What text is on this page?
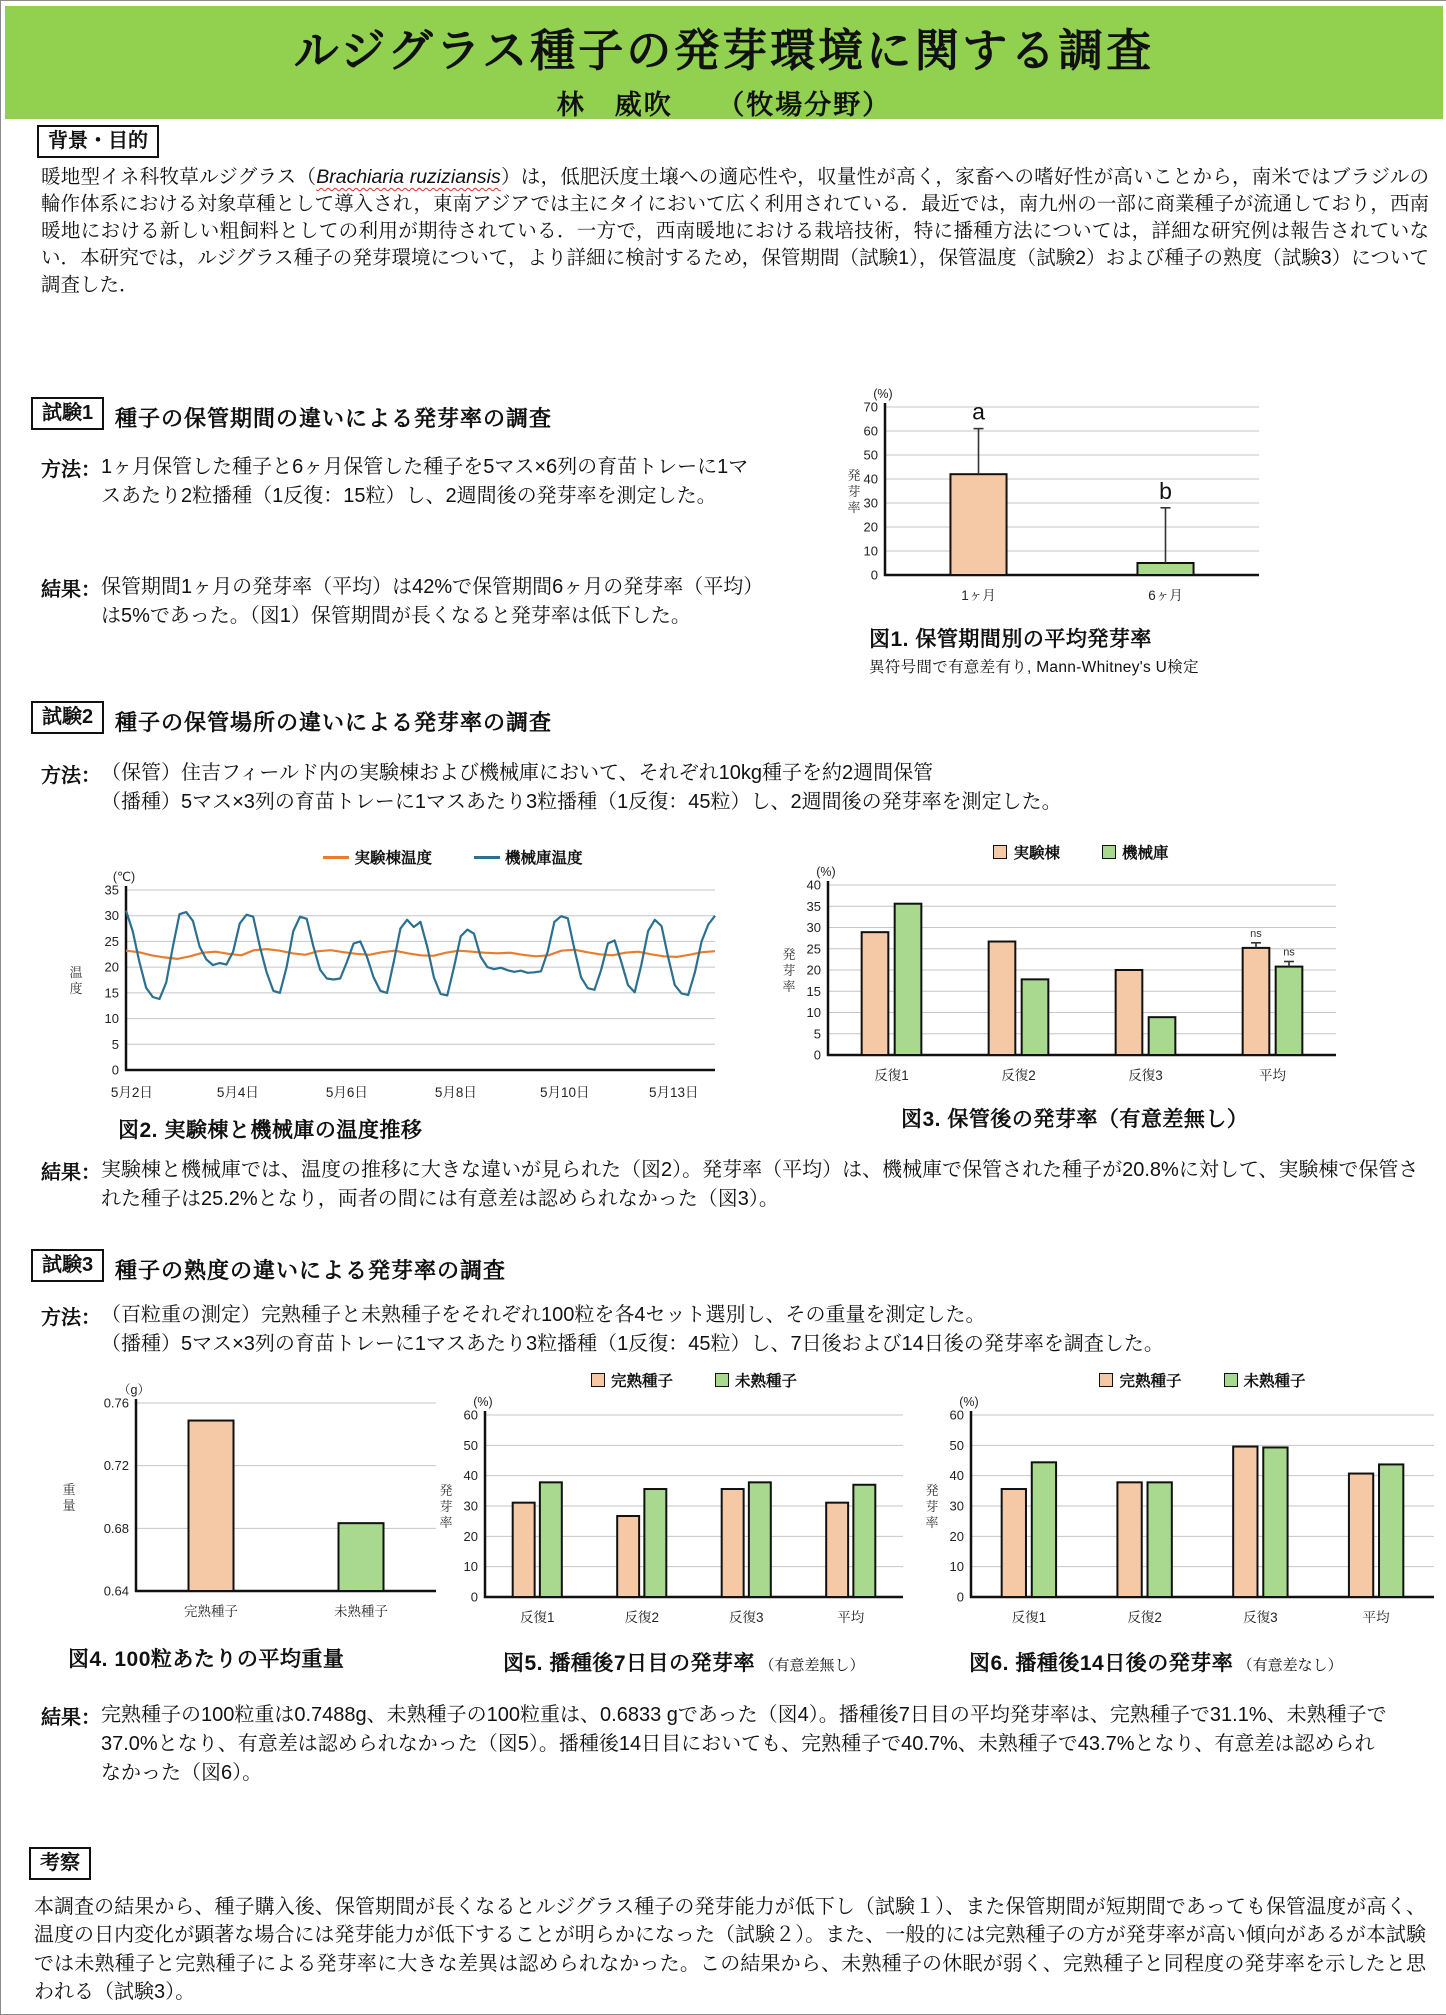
ルジグラス種子の発芽環境に関する調査
林　威吹　　（牧場分野）
背景・目的
暖地型イネ科牧草ルジグラス（Brachiaria ruziziansis）は，低肥沃度土壌への適応性や，収量性が高く，家畜への嗜好性が高いことから，南米ではブラジルの輪作体系における対象草種として導入され，東南アジアでは主にタイにおいて広く利用されている．最近では，南九州の一部に商業種子が流通しており，西南暖地における新しい粗飼料としての利用が期待されている．一方で，西南暖地における栽培技術，特に播種方法については，詳細な研究例は報告されていない．本研究では，ルジグラス種子の発芽環境について，より詳細に検討するため，保管期間（試験1），保管温度（試験2）および種子の熟度（試験3）について調査した．
試験1 種子の保管期間の違いによる発芽率の調査
方法： 1ヶ月保管した種子と6ヶ月保管した種子を5マス×6列の育苗トレーに1マスあたり2粒播種（1反復：15粒）し、2週間後の発芽率を測定した。
結果： 保管期間1ヶ月の発芽率（平均）は42%で保管期間6ヶ月の発芽率（平均）は5%であった。（図1）保管期間が長くなると発芽率は低下した。
0
10
20
30
40
50
60
70
(%)
発
芽
率
1ヶ月
a
6ヶ月
b
図1. 保管期間別の平均発芽率
異符号間で有意差有り, Mann-Whitney's U検定
試験2 種子の保管場所の違いによる発芽率の調査
方法： （保管）住吉フィールド内の実験棟および機械庫において、それぞれ10kg種子を約2週間保管
（播種）5マス×3列の育苗トレーに1マスあたり3粒播種（1反復：45粒）し、2週間後の発芽率を測定した。
実験棟温度	機械庫温度
0
5
10
15
20
25
30
35
(℃)
温
度
5月2日	5月4日	5月6日	5月8日	5月10日	5月13日
図2. 実験棟と機械庫の温度推移
実験棟	機械庫
0
5
10
15
20
25
30
35
40
(%)
発
芽
率
反復1	反復2	反復3	平均
ns
ns
図3. 保管後の発芽率（有意差無し）
結果： 実験棟と機械庫では、温度の推移に大きな違いが見られた（図2）。発芽率（平均）は、機械庫で保管された種子が20.8%に対して、実験棟で保管された種子は25.2%となり，両者の間には有意差は認められなかった（図3）。
試験3 種子の熟度の違いによる発芽率の調査
方法： （百粒重の測定）完熟種子と未熟種子をそれぞれ100粒を各4セット選別し、その重量を測定した。
（播種）5マス×3列の育苗トレーに1マスあたり3粒播種（1反復：45粒）し、7日後および14日後の発芽率を調査した。
0.64
0.68
0.72
0.76
（g）
重
量
完熟種子	未熟種子
図4. 100粒あたりの平均重量
完熟種子	未熟種子
0
10
20
30
40
50
60
(%)
発
芽
率
反復1	反復2	反復3	平均
図5. 播種後7日目の発芽率 （有意差無し）
完熟種子	未熟種子
0
10
20
30
40
50
60
(%)
発
芽
率
反復1	反復2	反復3	平均
図6. 播種後14日後の発芽率 （有意差なし）
結果： 完熟種子の100粒重は0.7488g、未熟種子の100粒重は、0.6833 gであった（図4）。播種後7日目の平均発芽率は、完熟種子で31.1%、未熟種子で37.0%となり、有意差は認められなかった（図5）。播種後14日目においても、完熟種子で40.7%、未熟種子で43.7%となり、有意差は認められなかった（図6）。
考察
本調査の結果から、種子購入後、保管期間が長くなるとルジグラス種子の発芽能力が低下し（試験１）、また保管期間が短期間であっても保管温度が高く、温度の日内変化が顕著な場合には発芽能力が低下することが明らかになった（試験２）。また、一般的には完熟種子の方が発芽率が高い傾向があるが本試験では未熟種子と完熟種子による発芽率に大きな差異は認められなかった。この結果から、未熟種子の休眠が弱く、完熟種子と同程度の発芽率を示したと思われる（試験3）。
